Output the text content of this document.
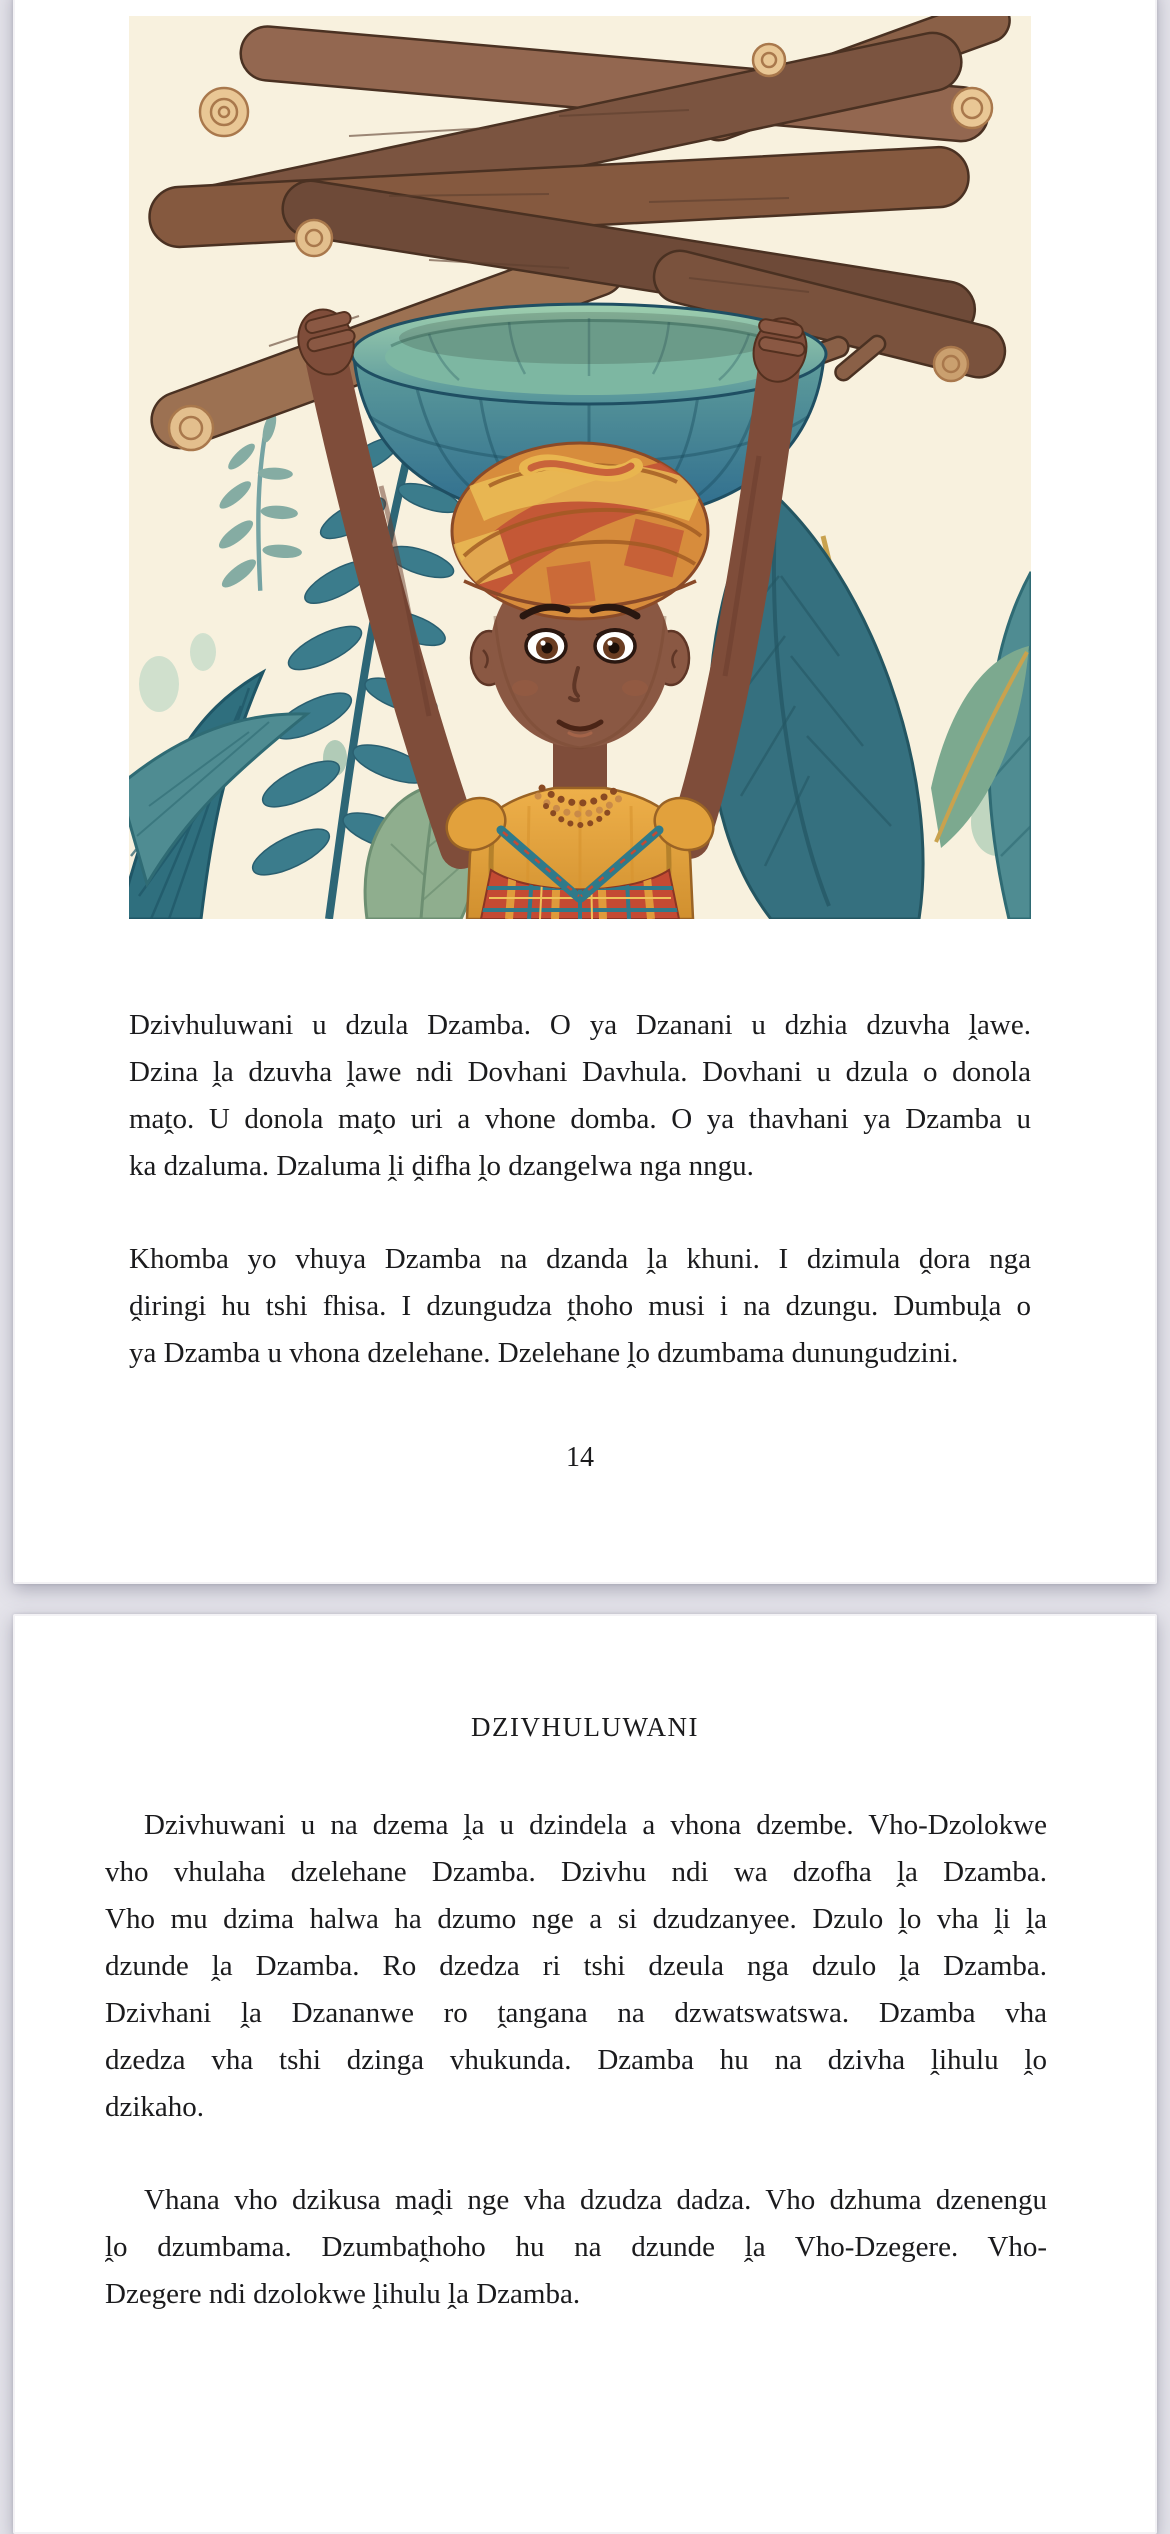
Dzivhuluwani u dzula Dzamba. O ya Dzanani u dzhia dzuvha ḽawe.
Dzina ḽa dzuvha ḽawe ndi Dovhani Davhula. Dovhani u dzula o donola
maṱo. U donola maṱo uri a vhone domba. O ya thavhani ya Dzamba u
ka dzaluma. Dzaluma ḽi ḓifha ḽo dzangelwa nga nngu.
Khomba yo vhuya Dzamba na dzanda ḽa khuni. I dzimula ḓora nga
ḓiringi hu tshi fhisa. I dzungudza ṱhoho musi i na dzungu. Dumbuḽa o
ya Dzamba u vhona dzelehane. Dzelehane ḽo dzumbama dunungudzini.
14
DZIVHULUWANI
Dzivhuwani u na dzema ḽa u dzindela a vhona dzembe. Vho-Dzolokwe
vho vhulaha dzelehane Dzamba. Dzivhu ndi wa dzofha ḽa Dzamba.
Vho mu dzima halwa ha dzumo nge a si dzudzanyee. Dzulo ḽo vha ḽi ḽa
dzunde ḽa Dzamba. Ro dzedza ri tshi dzeula nga dzulo ḽa Dzamba.
Dzivhani ḽa Dzananwe ro ṱangana na dzwatswatswa. Dzamba vha
dzedza vha tshi dzinga vhukunda. Dzamba hu na dzivha ḽihulu ḽo
dzikaho.
Vhana vho dzikusa maḓi nge vha dzudza dadza. Vho dzhuma dzenengu
ḽo dzumbama. Dzumbaṱhoho hu na dzunde ḽa Vho-Dzegere. Vho-
Dzegere ndi dzolokwe ḽihulu ḽa Dzamba.
